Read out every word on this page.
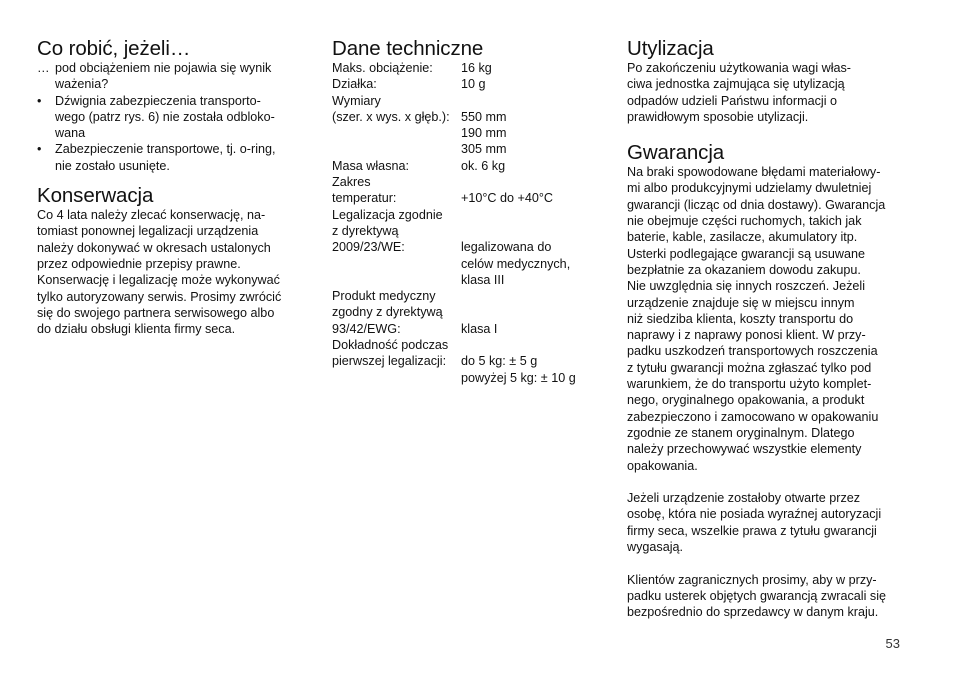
Co robić, jeżeli…
… pod obciążeniem nie pojawia się wynik
ważenia?
•	Dźwignia zabezpieczenia transporto-
wego (patrz rys. 6) nie została odbloko-
wana
•	Zabezpieczenie transportowe, tj. o-ring,
nie zostało usunięte.
Konserwacja

Co 4 lata należy zlecać konserwację, na-
tomiast ponownej legalizacji urządzenia
należy dokonywać w okresach ustalonych
przez odpowiednie przepisy prawne.
Konserwację i legalizację może wykonywać
tylko autoryzowany serwis. Prosimy zwrócić
się do swojego partnera serwisowego albo
do działu obsługi klienta firmy seca.

Dane techniczne
Maks. obciążenie:	16 kg
Działka:	10 g
Wymiary	
(szer. x wys. x głęb.):	550 mm
	190 mm
	305 mm
Masa własna:	ok. 6 kg
Zakres	
temperatur:	+10°C do +40°C
Legalizacja zgodnie	
z dyrektywą	
2009/23/WE:	legalizowana do
	celów medycznych,
	klasa III
Produkt medyczny	
zgodny z dyrektywą	
93/42/EWG:	klasa I
Dokładność podczas	
pierwszej legalizacji:	do 5 kg: ± 5 g
	powyżej 5 kg: ± 10 g
Utylizacja

Po zakończeniu użytkowania wagi włas-
ciwa jednostka zajmująca się utylizacją
odpadów udzieli Państwu informacji o
prawidłowym sposobie utylizacji.

Gwarancja

Na braki spowodowane błędami materiałowy-
mi albo produkcyjnymi udzielamy dwuletniej
gwarancji (licząc od dnia dostawy). Gwarancja
nie obejmuje części ruchomych, takich jak
baterie, kable, zasilacze, akumulatory itp.
Usterki podlegające gwarancji są usuwane
bezpłatnie za okazaniem dowodu zakupu.
Nie uwzględnia się innych roszczeń. Jeżeli
urządzenie znajduje się w miejscu innym
niż siedziba klienta, koszty transportu do
naprawy i z naprawy ponosi klient. W przy-
padku uszkodzeń transportowych roszczenia
z tytułu gwarancji można zgłaszać tylko pod
warunkiem, że do transportu użyto komplet-
nego, oryginalnego opakowania, a produkt
zabezpieczono i zamocowano w opakowaniu
zgodnie ze stanem oryginalnym. Dlatego
należy przechowywać wszystkie elementy
opakowania.

Jeżeli urządzenie zostałoby otwarte przez
osobę, która nie posiada wyraźnej autoryzacji
firmy seca, wszelkie prawa z tytułu gwarancji
wygasają.

Klientów zagranicznych prosimy, aby w przy-
padku usterek objętych gwarancją zwracali się
bezpośrednio do sprzedawcy w danym kraju.

53
